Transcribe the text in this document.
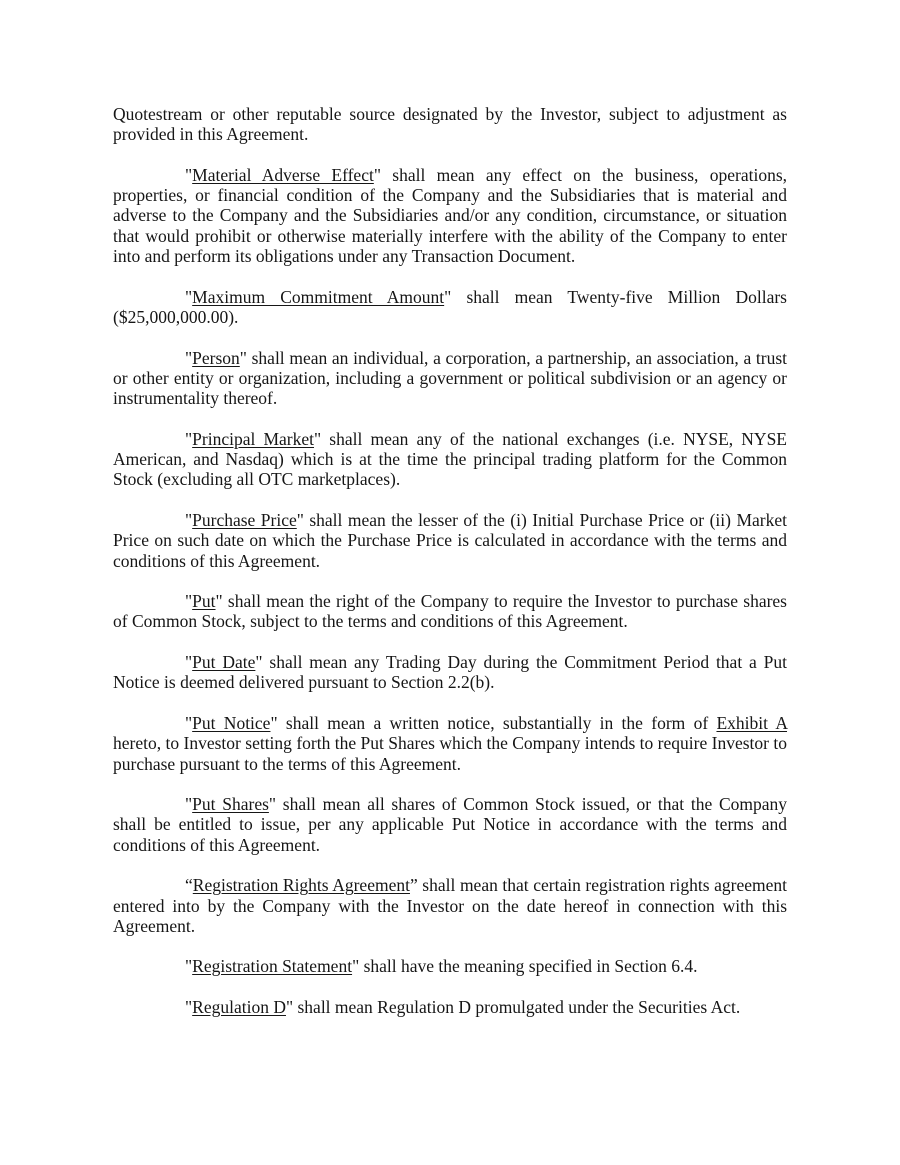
Quotestream or other reputable source designated by the Investor, subject to adjustment as provided in this Agreement.

"Material Adverse Effect" shall mean any effect on the business, operations, properties, or financial condition of the Company and the Subsidiaries that is material and adverse to the Company and the Subsidiaries and/or any condition, circumstance, or situation that would prohibit or otherwise materially interfere with the ability of the Company to enter into and perform its obligations under any Transaction Document.

"Maximum Commitment Amount" shall mean Twenty-five Million Dollars ($25,000,000.00).

"Person" shall mean an individual, a corporation, a partnership, an association, a trust or other entity or organization, including a government or political subdivision or an agency or instrumentality thereof.

"Principal Market" shall mean any of the national exchanges (i.e. NYSE, NYSE American, and Nasdaq) which is at the time the principal trading platform for the Common Stock (excluding all OTC marketplaces).

"Purchase Price" shall mean the lesser of the (i) Initial Purchase Price or (ii) Market Price on such date on which the Purchase Price is calculated in accordance with the terms and conditions of this Agreement.

"Put" shall mean the right of the Company to require the Investor to purchase shares of Common Stock, subject to the terms and conditions of this Agreement.

"Put Date" shall mean any Trading Day during the Commitment Period that a Put Notice is deemed delivered pursuant to Section 2.2(b).

"Put Notice" shall mean a written notice, substantially in the form of Exhibit A hereto, to Investor setting forth the Put Shares which the Company intends to require Investor to purchase pursuant to the terms of this Agreement.

"Put Shares" shall mean all shares of Common Stock issued, or that the Company shall be entitled to issue, per any applicable Put Notice in accordance with the terms and conditions of this Agreement.

“Registration Rights Agreement” shall mean that certain registration rights agreement entered into by the Company with the Investor on the date hereof in connection with this Agreement.

"Registration Statement" shall have the meaning specified in Section 6.4.

"Regulation D" shall mean Regulation D promulgated under the Securities Act.
